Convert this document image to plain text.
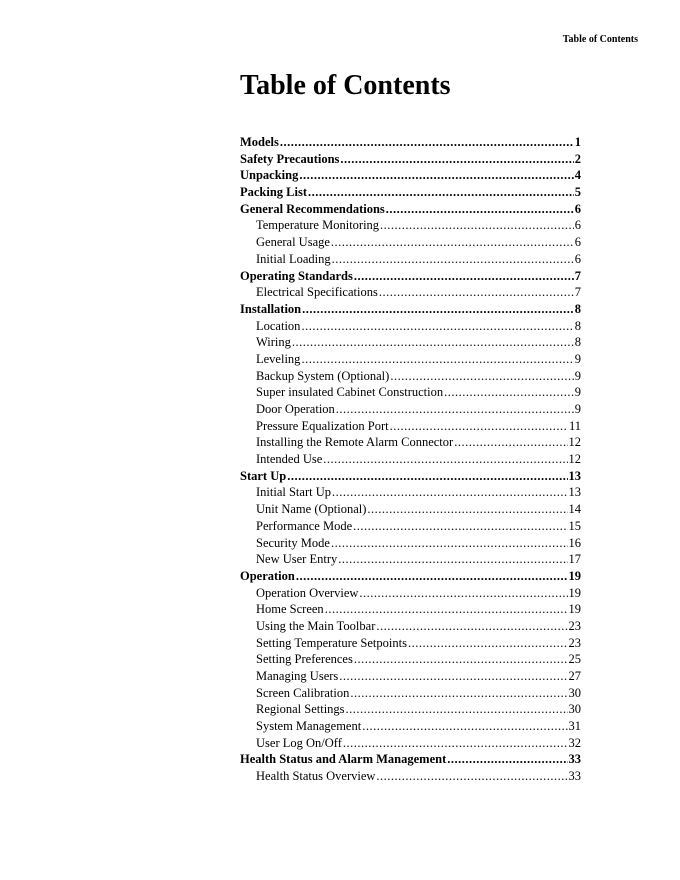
Table of Contents
Table of Contents
Models .....	1
Safety Precautions .....	2
Unpacking .....	4
Packing List .....	5
General Recommendations .....	6
Temperature Monitoring .....	6
General Usage .....	6
Initial Loading .....	6
Operating Standards .....	7
Electrical Specifications .....	7
Installation .....	8
Location .....	8
Wiring .....	8
Leveling .....	9
Backup System (Optional) .....	9
Super insulated Cabinet Construction .....	9
Door Operation .....	9
Pressure Equalization Port .....	11
Installing the Remote Alarm Connector .....	12
Intended Use .....	12
Start Up .....	13
Initial Start Up .....	13
Unit Name (Optional) .....	14
Performance Mode .....	15
Security Mode .....	16
New User Entry .....	17
Operation .....	19
Operation Overview .....	19
Home Screen .....	19
Using the Main Toolbar .....	23
Setting Temperature Setpoints .....	23
Setting Preferences .....	25
Managing Users .....	27
Screen Calibration .....	30
Regional Settings .....	30
System Management .....	31
User Log On/Off .....	32
Health Status and Alarm Management .....	33
Health Status Overview .....	33
